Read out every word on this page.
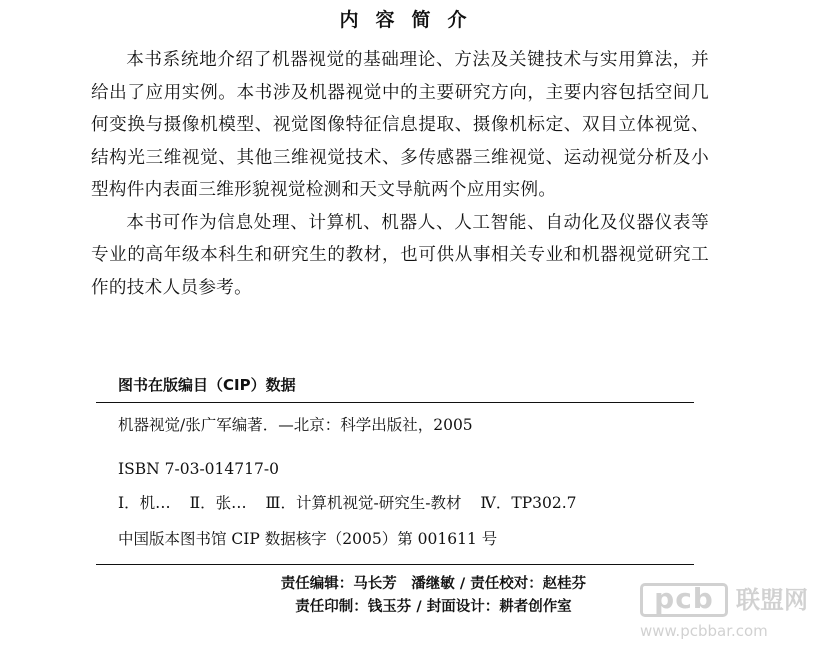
内容简介

本书系统地介绍了机器视觉的基础理论、方法及关键技术与实用算法，并给出了应用实例。本书涉及机器视觉中的主要研究方向，主要内容包括空间几何变换与摄像机模型、视觉图像特征信息提取、摄像机标定、双目立体视觉、结构光三维视觉、其他三维视觉技术、多传感器三维视觉、运动视觉分析及小型构件内表面三维形貌视觉检测和天文导航两个应用实例。

本书可作为信息处理、计算机、机器人、人工智能、自动化及仪器仪表等专业的高年级本科生和研究生的教材，也可供从事相关专业和机器视觉研究工作的技术人员参考。

图书在版编目（CIP）数据
机器视觉/张广军编著．—北京：科学出版社，2005
ISBN 7-03-014717-0
Ⅰ．机… Ⅱ．张… Ⅲ．计算机视觉-研究生-教材 Ⅳ．TP302.7
中国版本图书馆 CIP 数据核字（2005）第 001611 号
责任编辑：马长芳　潘继敏 / 责任校对：赵桂芬
责任印制：钱玉芬 / 封面设计：耕者创作室	pcb 联盟网
www.pcbbar.com
